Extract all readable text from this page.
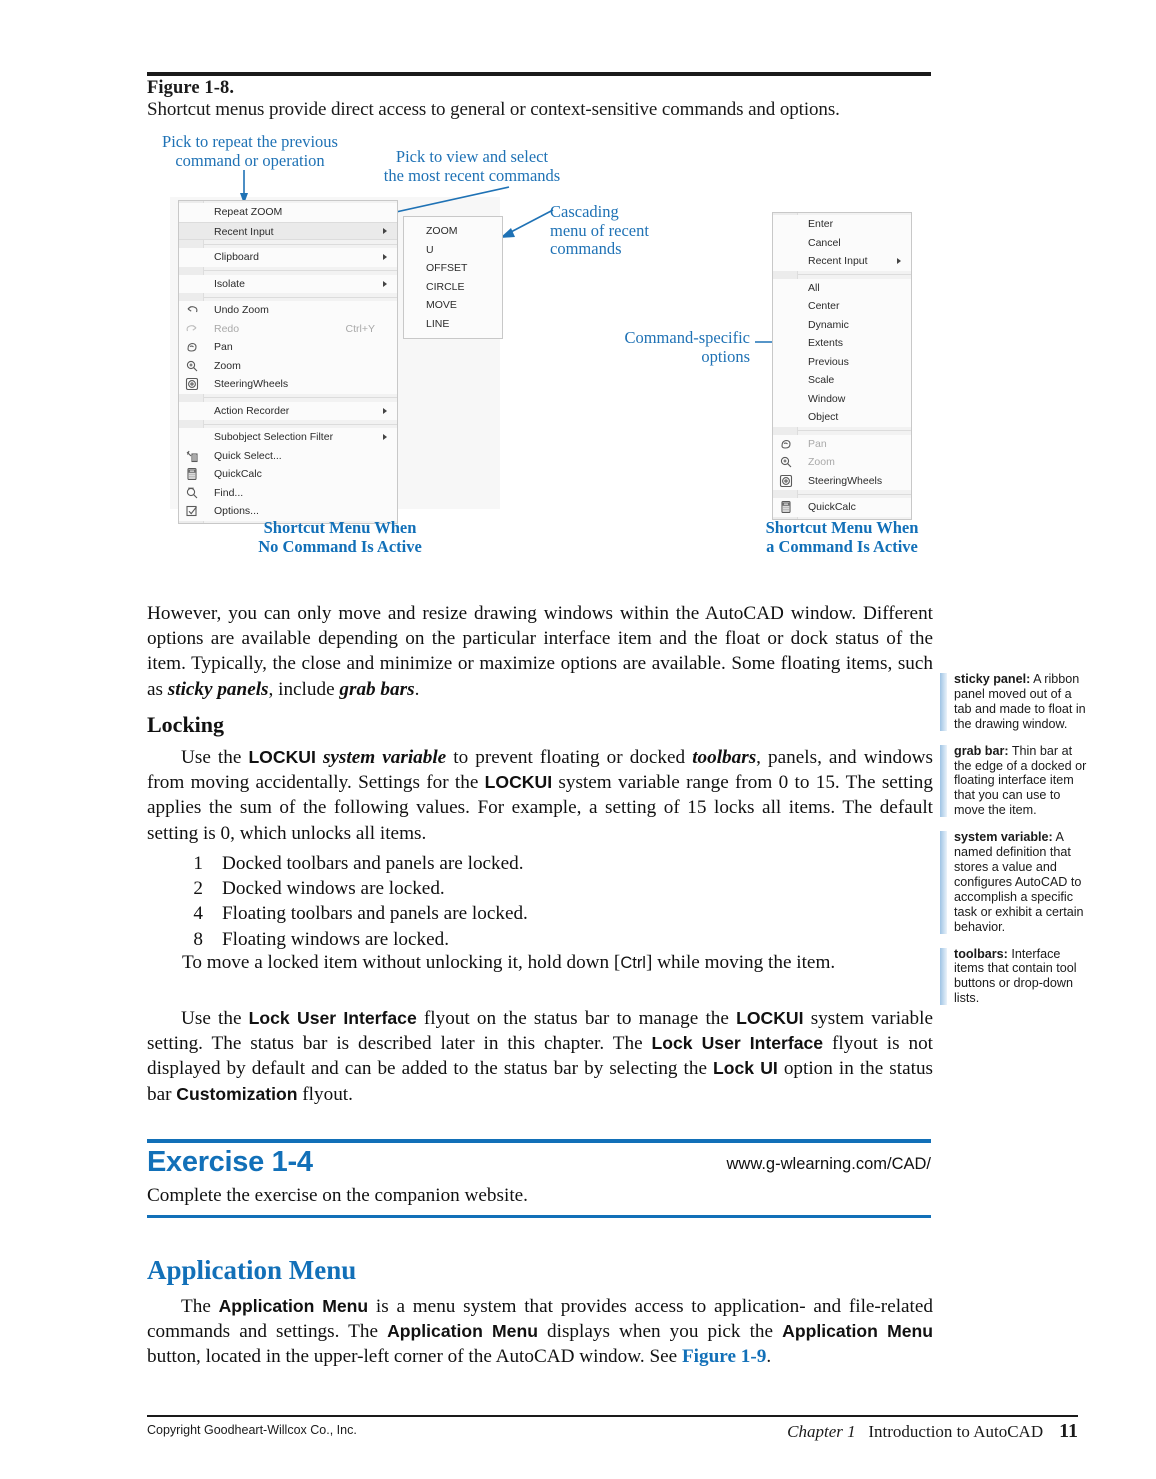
Figure 1-8.
Shortcut menus provide direct access to general or context-sensitive commands and options.
Pick to repeat the previous
command or operation	Pick to view and select
the most recent commands
Cascading
menu of recent
commands
Command-specific
options
Repeat ZOOM
Recent Input
Clipboard
Isolate
Undo Zoom
Redo	Ctrl+Y
Pan
Zoom
SteeringWheels
Action Recorder
Subobject Selection Filter
Quick Select...
QuickCalc
Find...
Options...
ZOOM
U
OFFSET
CIRCLE
MOVE
LINE
Enter
Cancel
Recent Input
All
Center
Dynamic
Extents
Previous
Scale
Window
Object
Pan
Zoom
SteeringWheels
QuickCalc
Shortcut Menu When
No Command Is Active
Shortcut Menu When
a Command Is Active
However, you can only move and resize drawing windows within the AutoCAD window. Different options are available depending on the particular interface item and the float or dock status of the item. Typically, the close and minimize or maximize options are available. Some floating items, such as sticky panels, include grab bars.
Locking
Use the LOCKUI system variable to prevent floating or docked toolbars, panels, and windows from moving accidentally. Settings for the LOCKUI system variable range from 0 to 15. The setting applies the sum of the following values. For example, a setting of 15 locks all items. The default setting is 0, which unlocks all items.
1 Docked toolbars and panels are locked.
2 Docked windows are locked.
4 Floating toolbars and panels are locked.
8 Floating windows are locked.
To move a locked item without unlocking it, hold down [Ctrl] while moving the item.
Use the Lock User Interface flyout on the status bar to manage the LOCKUI system variable setting. The status bar is described later in this chapter. The Lock User Interface flyout is not displayed by default and can be added to the status bar by selecting the Lock UI option in the status bar Customization flyout.
Exercise 1-4	www.g-wlearning.com/CAD/
Complete the exercise on the companion website.
Application Menu
The Application Menu is a menu system that provides access to application- and file-related commands and settings. The Application Menu displays when you pick the Application Menu button, located in the upper-left corner of the AutoCAD window. See Figure 1-9.
sticky panel: A ribbon panel moved out of a tab and made to float in the drawing window.
grab bar: Thin bar at the edge of a docked or floating interface item that you can use to move the item.
system variable: A named definition that stores a value and configures AutoCAD to accomplish a specific task or exhibit a certain behavior.
toolbars: Interface items that contain tool buttons or drop-down lists.
Copyright Goodheart-Willcox Co., Inc.	Chapter 1 Introduction to AutoCAD 11
